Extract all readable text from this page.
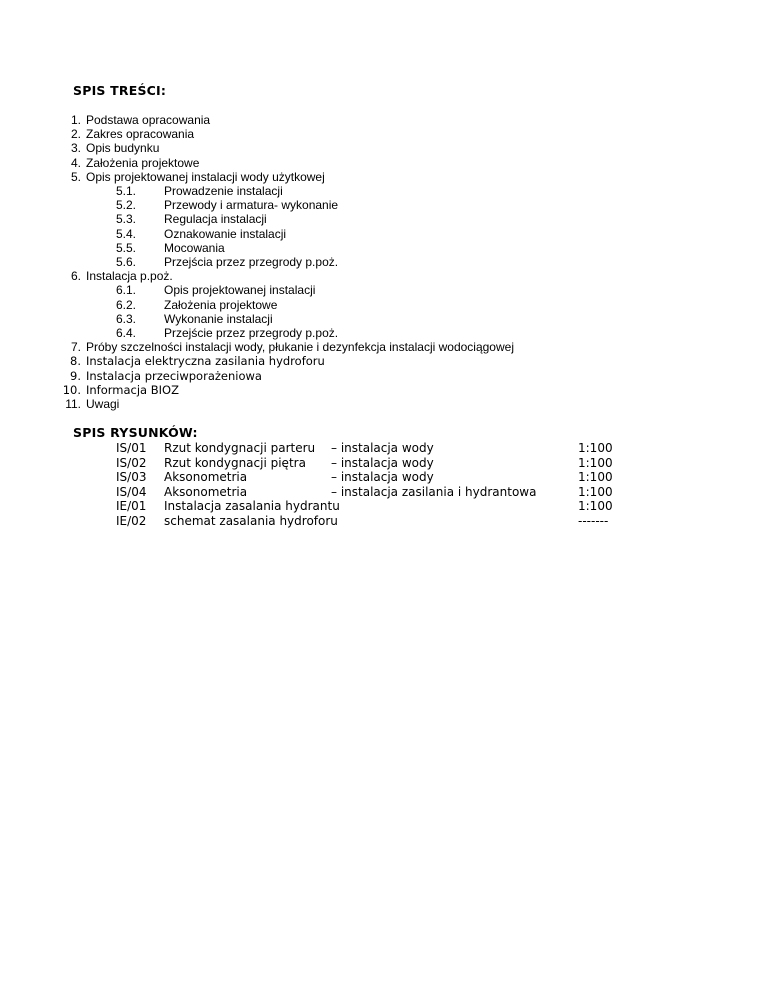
SPIS TREŚCI:
1. Podstawa opracowania
2. Zakres opracowania
3. Opis budynku
4. Założenia projektowe
5. Opis projektowanej instalacji wody użytkowej
5.1. Prowadzenie instalacji
5.2. Przewody i armatura- wykonanie
5.3. Regulacja instalacji
5.4. Oznakowanie instalacji
5.5. Mocowania
5.6. Przejścia przez przegrody p.poż.
6. Instalacja p.poż.
6.1. Opis projektowanej instalacji
6.2. Założenia projektowe
6.3. Wykonanie instalacji
6.4. Przejście przez przegrody p.poż.
7. Próby szczelności instalacji wody, płukanie i dezynfekcja instalacji wodociągowej
8. Instalacja elektryczna zasilania hydroforu
9. Instalacja przeciwporażeniowa
10. Informacja BIOZ
11. Uwagi
SPIS RYSUNKÓW:
IS/01 Rzut kondygnacji parteru – instalacja wody	1:100
IS/02 Rzut kondygnacji piętra – instalacja wody	1:100
IS/03 Aksonometria	– instalacja wody	1:100
IS/04 Aksonometria	– instalacja zasilania i hydrantowa	1:100
IE/01 Instalacja zasalania hydrantu	1:100
IE/02 schemat zasalania hydroforu	-------
